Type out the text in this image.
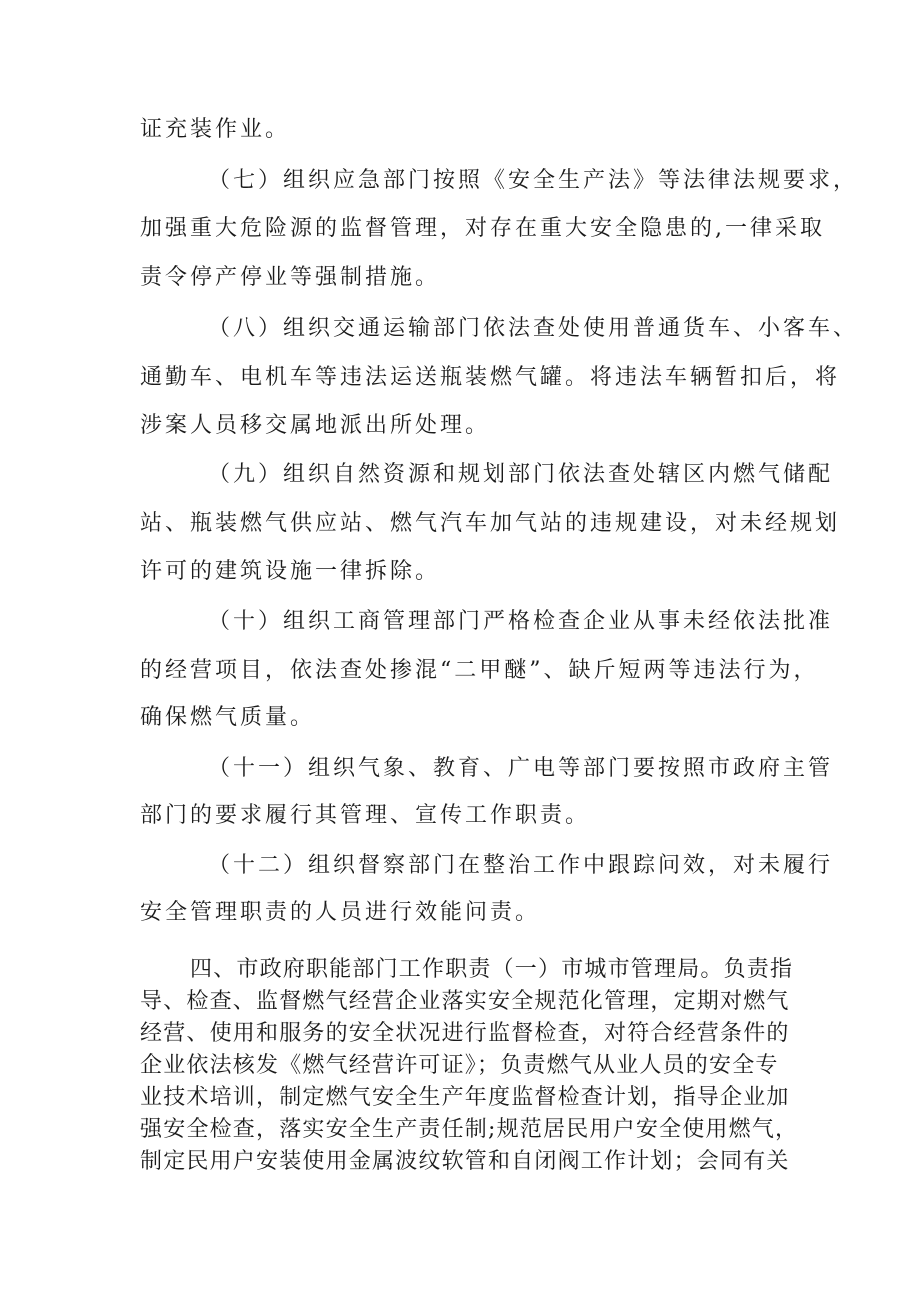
证充装作业。
（七）组织应急部门按照《安全生产法》等法律法规要求，
加强重大危险源的监督管理，对存在重大安全隐患的,一律采取
责令停产停业等强制措施。
（八）组织交通运输部门依法查处使用普通货车、小客车、
通勤车、电机车等违法运送瓶装燃气罐。将违法车辆暂扣后，将
涉案人员移交属地派出所处理。
（九）组织自然资源和规划部门依法查处辖区内燃气储配
站、瓶装燃气供应站、燃气汽车加气站的违规建设，对未经规划
许可的建筑设施一律拆除。
（十）组织工商管理部门严格检查企业从事未经依法批准
的经营项目，依法查处掺混“二甲醚”、缺斤短两等违法行为，
确保燃气质量。
（十一）组织气象、教育、广电等部门要按照市政府主管
部门的要求履行其管理、宣传工作职责。
（十二）组织督察部门在整治工作中跟踪问效，对未履行
安全管理职责的人员进行效能问责。
四、市政府职能部门工作职责（一）市城市管理局。负责指
导、检查、监督燃气经营企业落实安全规范化管理，定期对燃气
经营、使用和服务的安全状况进行监督检查，对符合经营条件的
企业依法核发《燃气经营许可证》；负责燃气从业人员的安全专
业技术培训，制定燃气安全生产年度监督检查计划，指导企业加
强安全检查，落实安全生产责任制;规范居民用户安全使用燃气，
制定民用户安装使用金属波纹软管和自闭阀工作计划；会同有关
